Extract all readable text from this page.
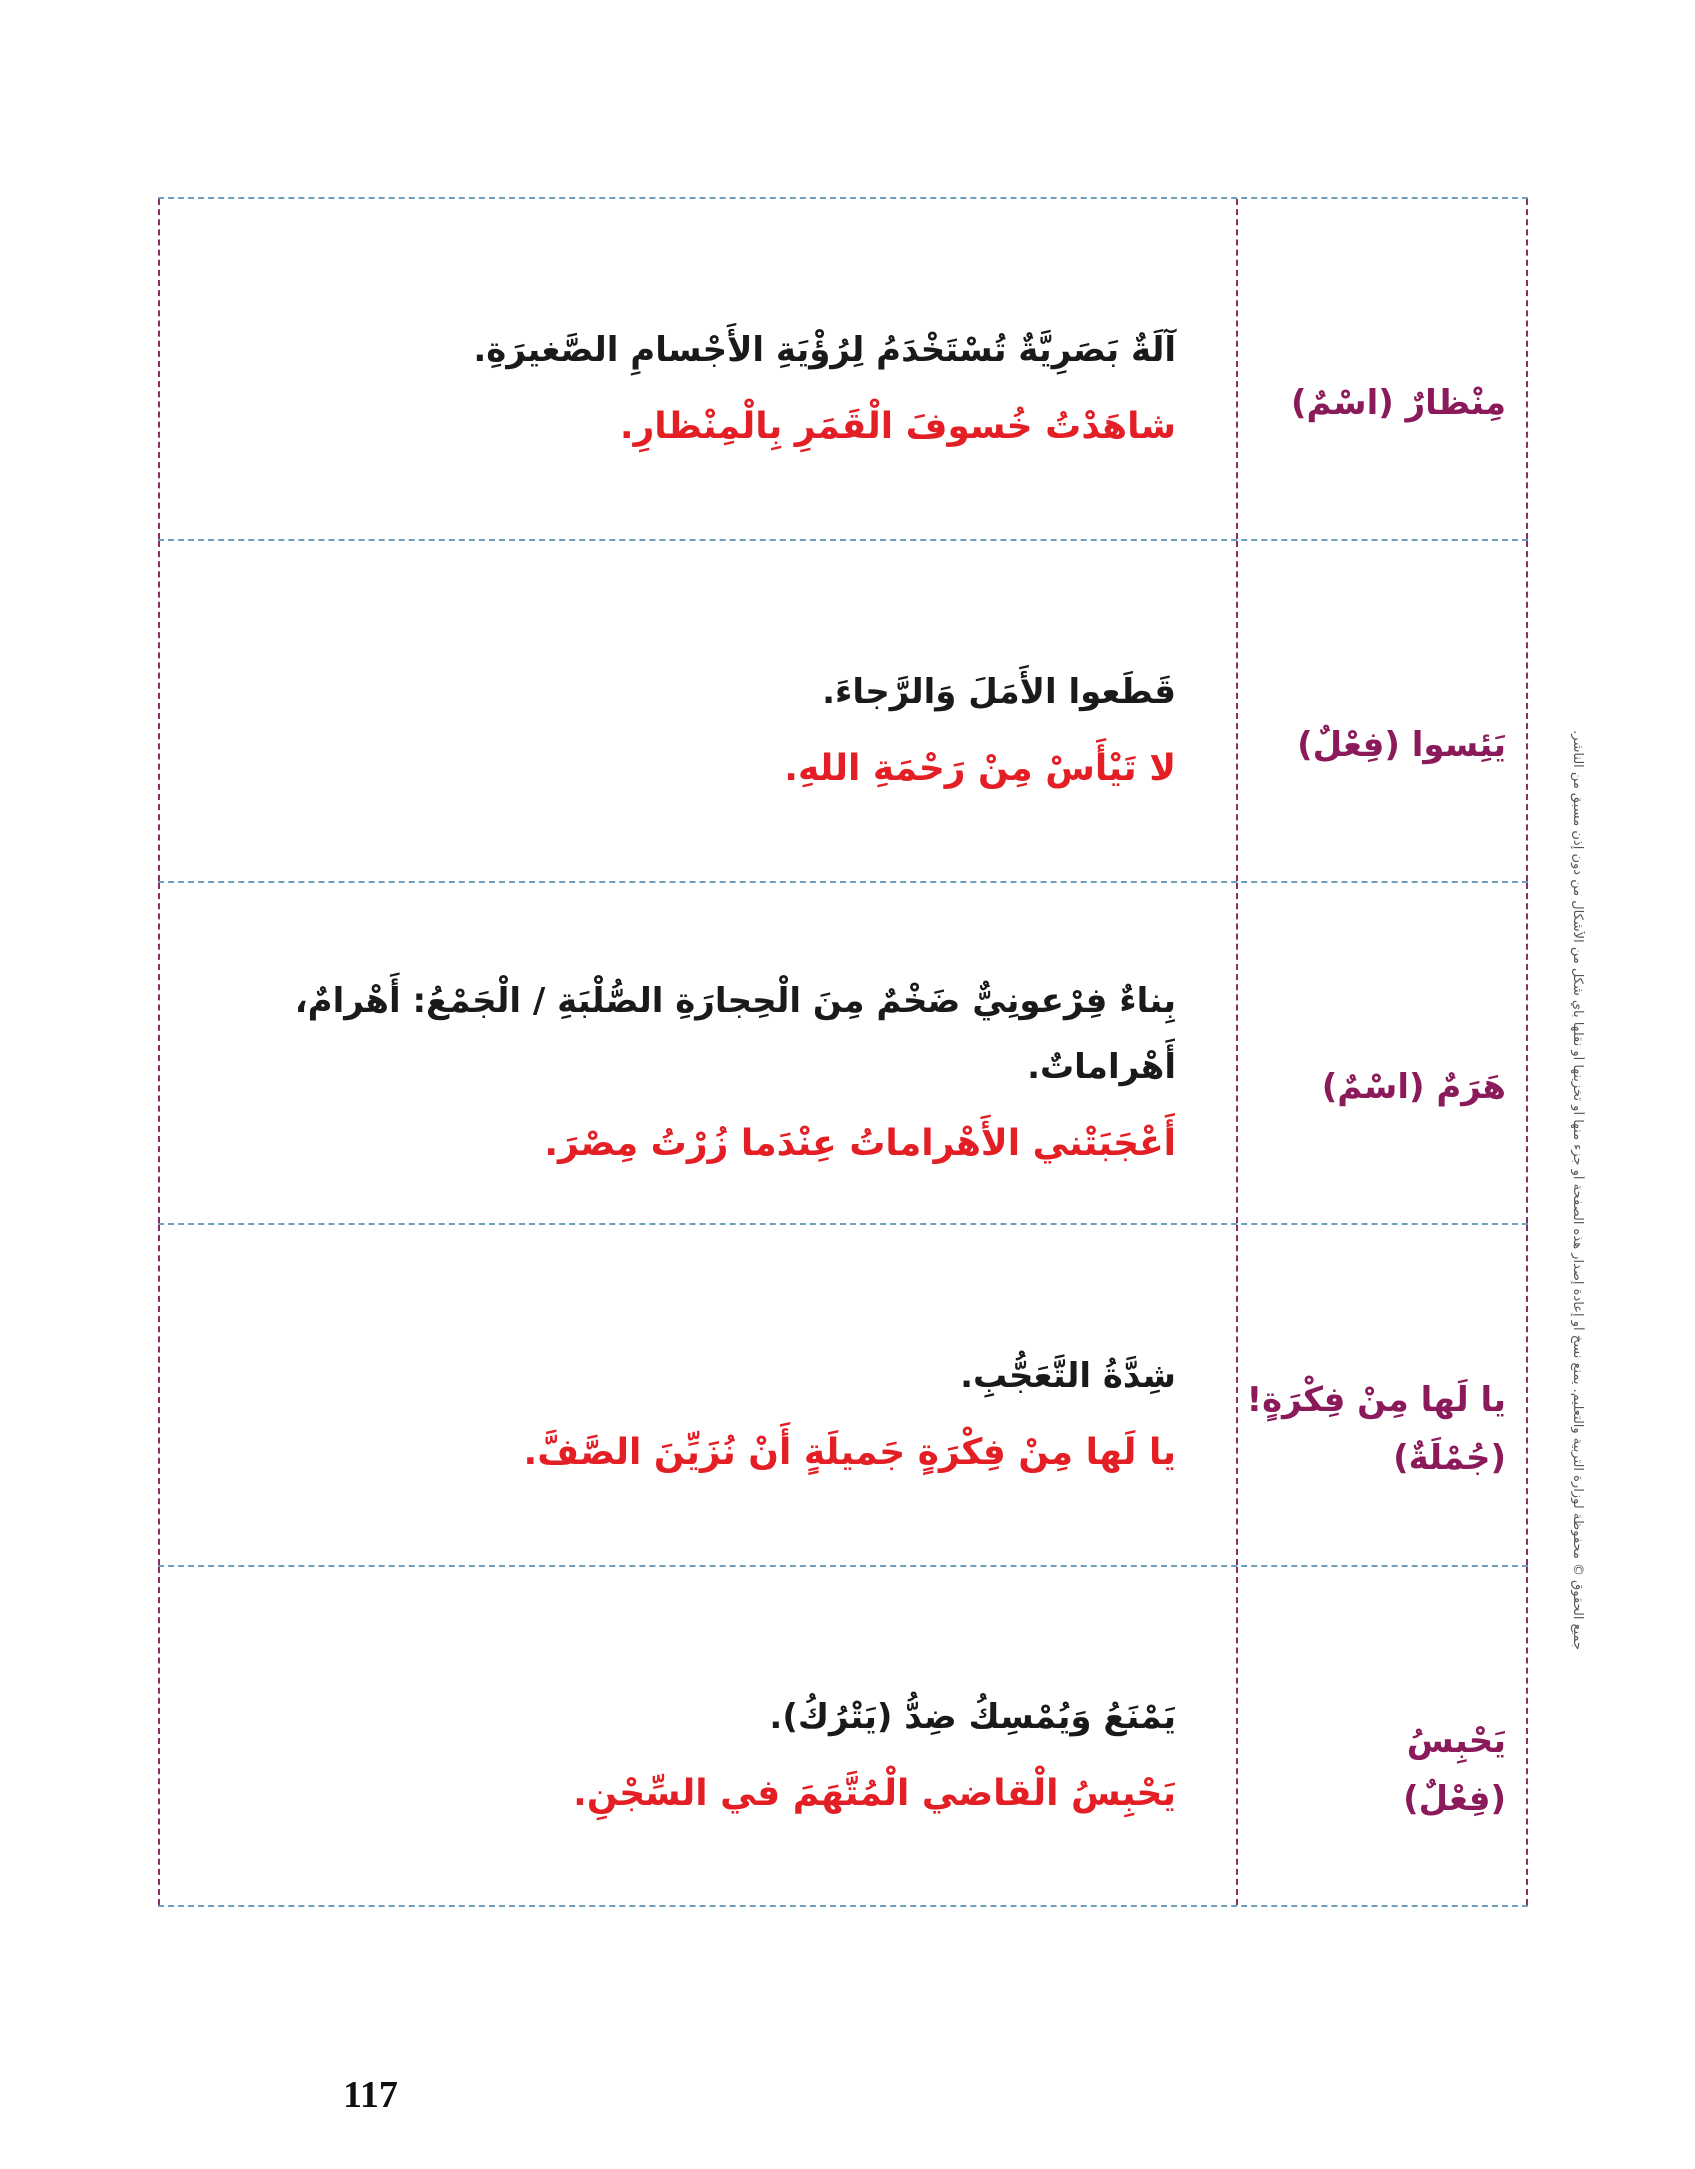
مِنْظارٌ (اسْمٌ)
آلَةٌ بَصَرِيَّةٌ تُسْتَخْدَمُ لِرُؤْيَةِ الأَجْسامِ الصَّغيرَةِ.
شاهَدْتُ خُسوفَ الْقَمَرِ بِالْمِنْظارِ.
يَئِسوا (فِعْلٌ)
قَطَعوا الأَمَلَ وَالرَّجاءَ.
لا تَيْأَسْ مِنْ رَحْمَةِ اللهِ.
هَرَمٌ (اسْمٌ)
بِناءٌ فِرْعونِيٌّ ضَخْمٌ مِنَ الْحِجارَةِ الصُّلْبَةِ / الْجَمْعُ: أَهْرامٌ،
أَهْراماتٌ.
أَعْجَبَتْني الأَهْراماتُ عِنْدَما زُرْتُ مِصْرَ.
يا لَها مِنْ فِكْرَةٍ!
(جُمْلَةٌ)
شِدَّةُ التَّعَجُّبِ.
يا لَها مِنْ فِكْرَةٍ جَميلَةٍ أَنْ نُزَيِّنَ الصَّفَّ.
يَحْبِسُ
(فِعْلٌ)
يَمْنَعُ وَيُمْسِكُ ضِدُّ (يَتْرُكُ).
يَحْبِسُ الْقاضي الْمُتَّهَمَ في السِّجْنِ.
جميع الحقوق © محفوظة لوزارة التربية والتعليم. يمنع نسخ أو إعادة إصدار هذه الصفحة أو جزء منها أو تخزينها أو نقلها بأي شكل من الأشكال من دون إذن مسبق من الناشر.
117
